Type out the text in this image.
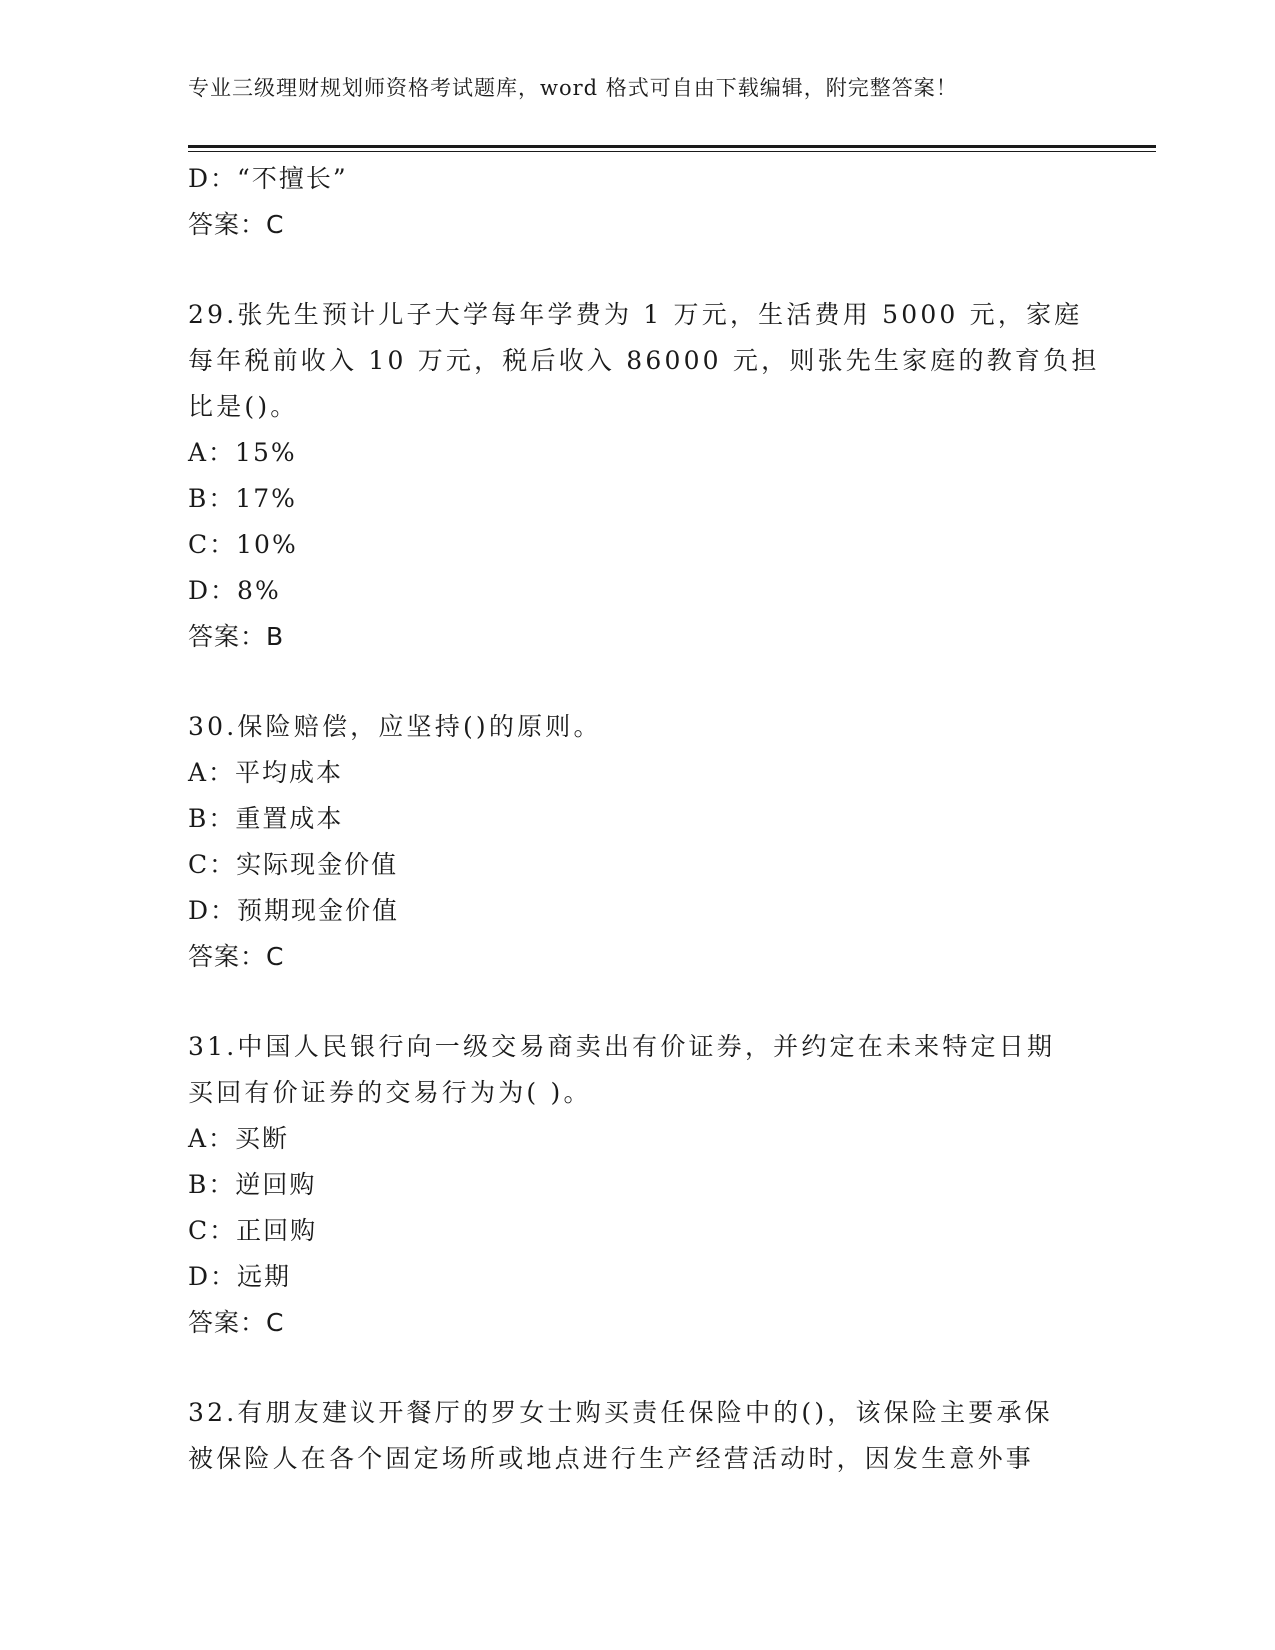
专业三级理财规划师资格考试题库，word 格式可自由下载编辑，附完整答案！
D：“不擅长”
答案：C
29.张先生预计儿子大学每年学费为 1 万元，生活费用 5000 元，家庭
每年税前收入 10 万元，税后收入 86000 元，则张先生家庭的教育负担
比是()。
A：15%
B：17%
C：10%
D：8%
答案：B
30.保险赔偿，应坚持()的原则。
A：平均成本
B：重置成本
C：实际现金价值
D：预期现金价值
答案：C
31.中国人民银行向一级交易商卖出有价证券，并约定在未来特定日期
买回有价证券的交易行为为( )。
A：买断
B：逆回购
C：正回购
D：远期
答案：C
32.有朋友建议开餐厅的罗女士购买责任保险中的()，该保险主要承保
被保险人在各个固定场所或地点进行生产经营活动时，因发生意外事
